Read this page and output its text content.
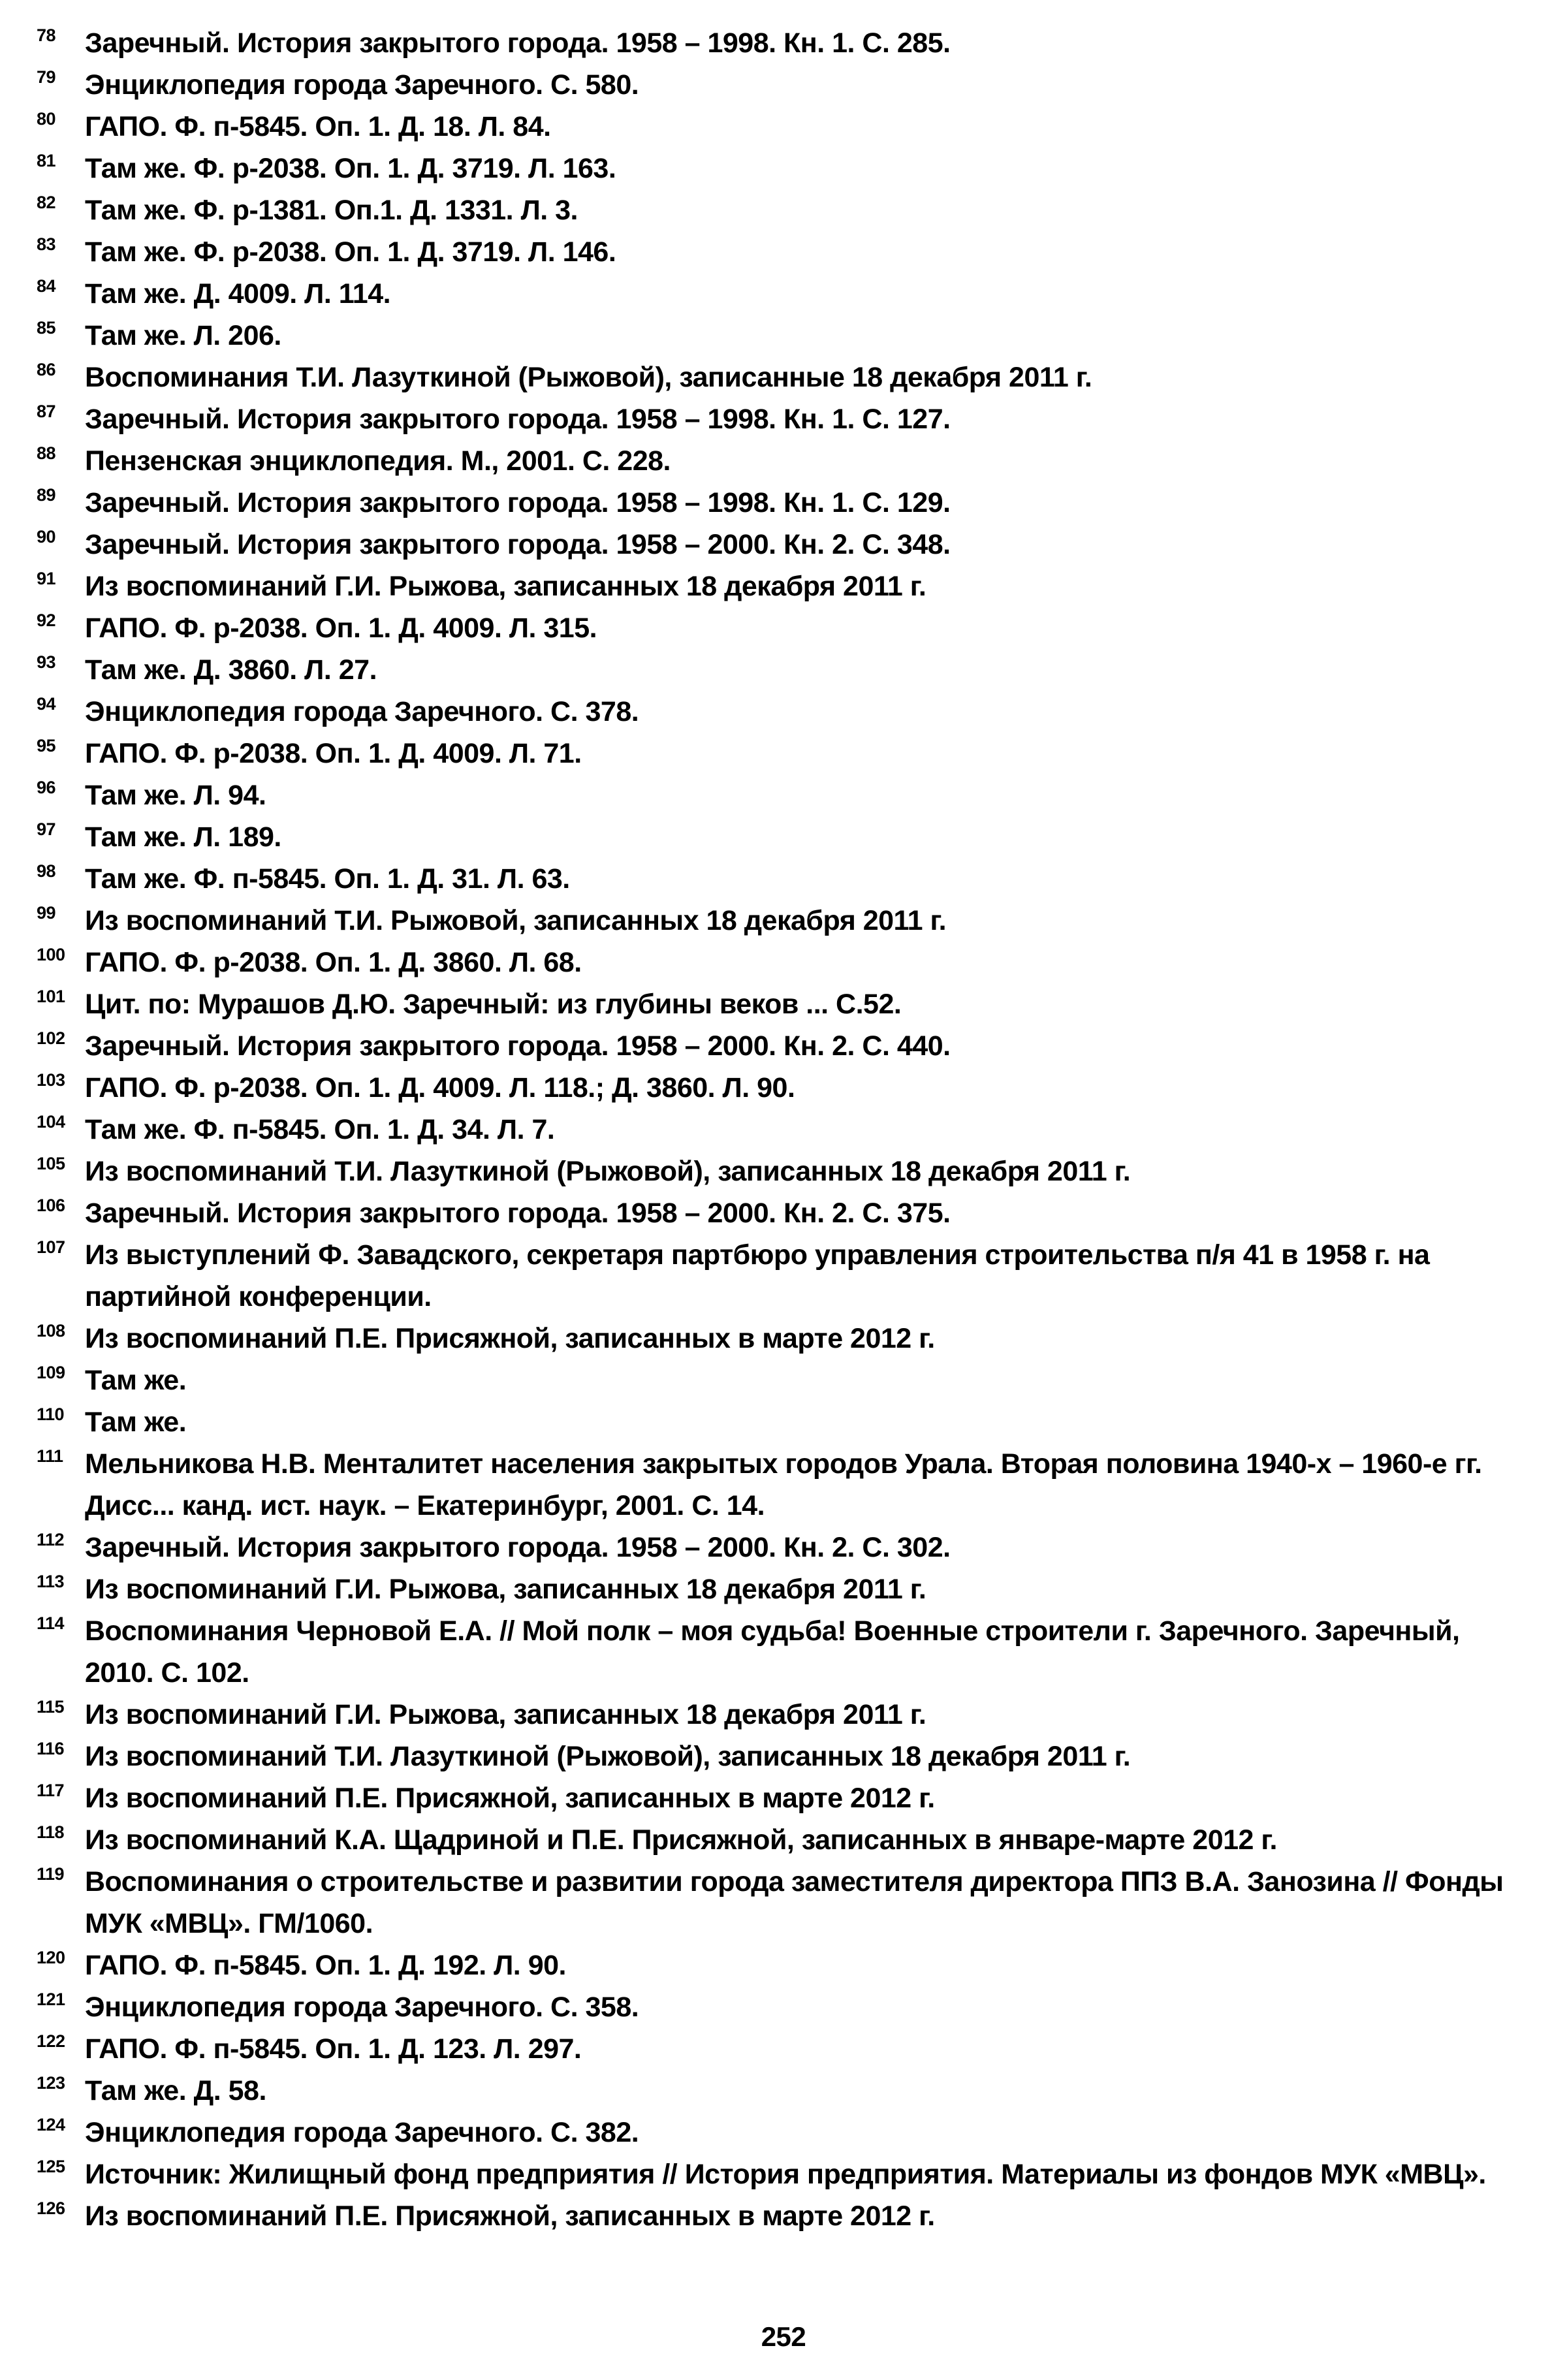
$^{78}$ Заречный. История закрытого города. 1958 – 1998. Кн. 1. С. 285.

$^{79}$ Энциклопедия города Заречного. С. 580.

$^{80}$ ГАПО. Ф. п-5845. Оп. 1. Д. 18. Л. 84.

$^{81}$ Там же. Ф. р-2038. Оп. 1. Д. 3719. Л. 163.

$^{82}$ Там же. Ф. р-1381. Оп.1. Д. 1331. Л. 3.

$^{83}$ Там же. Ф. р-2038. Оп. 1. Д. 3719. Л. 146.

$^{84}$ Там же. Д. 4009. Л. 114.

$^{85}$ Там же. Л. 206.

$^{86}$ Воспоминания Т.И. Лазуткиной (Рыжовой), записанные 18 декабря 2011 г.

$^{87}$ Заречный. История закрытого города. 1958 – 1998. Кн. 1. С. 127.

$^{88}$ Пензенская энциклопедия. М., 2001. С. 228.

$^{89}$ Заречный. История закрытого города. 1958 – 1998. Кн. 1. С. 129.

$^{90}$ Заречный. История закрытого города. 1958 – 2000. Кн. 2. С. 348.

$^{91}$ Из воспоминаний Г.И. Рыжова, записанных 18 декабря 2011 г.

$^{92}$ ГАПО. Ф. р-2038. Оп. 1. Д. 4009. Л. 315.

$^{93}$ Там же. Д. 3860. Л. 27.

$^{94}$ Энциклопедия города Заречного. С. 378.

$^{95}$ ГАПО. Ф. р-2038. Оп. 1. Д. 4009. Л. 71.

$^{96}$ Там же. Л. 94.

$^{97}$ Там же. Л. 189.

$^{98}$ Там же. Ф. п-5845. Оп. 1. Д. 31. Л. 63.

$^{99}$ Из воспоминаний Т.И. Рыжовой, записанных 18 декабря 2011 г.

$^{100}$ ГАПО. Ф. р-2038. Оп. 1. Д. 3860. Л. 68.

$^{101}$ Цит. по: Мурашов Д.Ю. Заречный: из глубины веков ... С.52.

$^{102}$ Заречный. История закрытого города. 1958 – 2000. Кн. 2. С. 440.

$^{103}$ ГАПО. Ф. р-2038. Оп. 1. Д. 4009. Л. 118.; Д. 3860. Л. 90.

$^{104}$ Там же. Ф. п-5845. Оп. 1. Д. 34. Л. 7.

$^{105}$ Из воспоминаний Т.И. Лазуткиной (Рыжовой), записанных 18 декабря 2011 г.

$^{106}$ Заречный. История закрытого города. 1958 – 2000. Кн. 2. С. 375.

$^{107}$ Из выступлений Ф. Завадского, секретаря партбюро управления строительства п/я 41 в 1958 г. на партийной конференции.

$^{108}$ Из воспоминаний П.Е. Присяжной, записанных в марте 2012 г.

$^{109}$ Там же.

$^{110}$ Там же.

$^{111}$ Мельникова Н.В. Менталитет населения закрытых городов Урала. Вторая половина 1940-х – 1960-е гг. Дисс... канд. ист. наук. – Екатеринбург, 2001. С. 14.

$^{112}$ Заречный. История закрытого города. 1958 – 2000. Кн. 2. С. 302.

$^{113}$ Из воспоминаний Г.И. Рыжова, записанных 18 декабря 2011 г.

$^{114}$ Воспоминания Черновой Е.А. // Мой полк – моя судьба! Военные строители г. Заречного. Заречный, 2010. С. 102.

$^{115}$ Из воспоминаний Г.И. Рыжова, записанных 18 декабря 2011 г.

$^{116}$ Из воспоминаний Т.И. Лазуткиной (Рыжовой), записанных 18 декабря 2011 г.

$^{117}$ Из воспоминаний П.Е. Присяжной, записанных в марте 2012 г.

$^{118}$ Из воспоминаний К.А. Щадриной и П.Е. Присяжной, записанных в январе-марте 2012 г.

$^{119}$ Воспоминания о строительстве и развитии города заместителя директора ППЗ В.А. Занозина // Фонды МУК «МВЦ». ГМ/1060.

$^{120}$ ГАПО. Ф. п-5845. Оп. 1. Д. 192. Л. 90.

$^{121}$ Энциклопедия города Заречного. С. 358.

$^{122}$ ГАПО. Ф. п-5845. Оп. 1. Д. 123. Л. 297.

$^{123}$ Там же. Д. 58.

$^{124}$ Энциклопедия города Заречного. С. 382.

$^{125}$ Источник: Жилищный фонд предприятия // История предприятия. Материалы из фондов МУК «МВЦ».

$^{126}$ Из воспоминаний П.Е. Присяжной, записанных в марте 2012 г.

252
